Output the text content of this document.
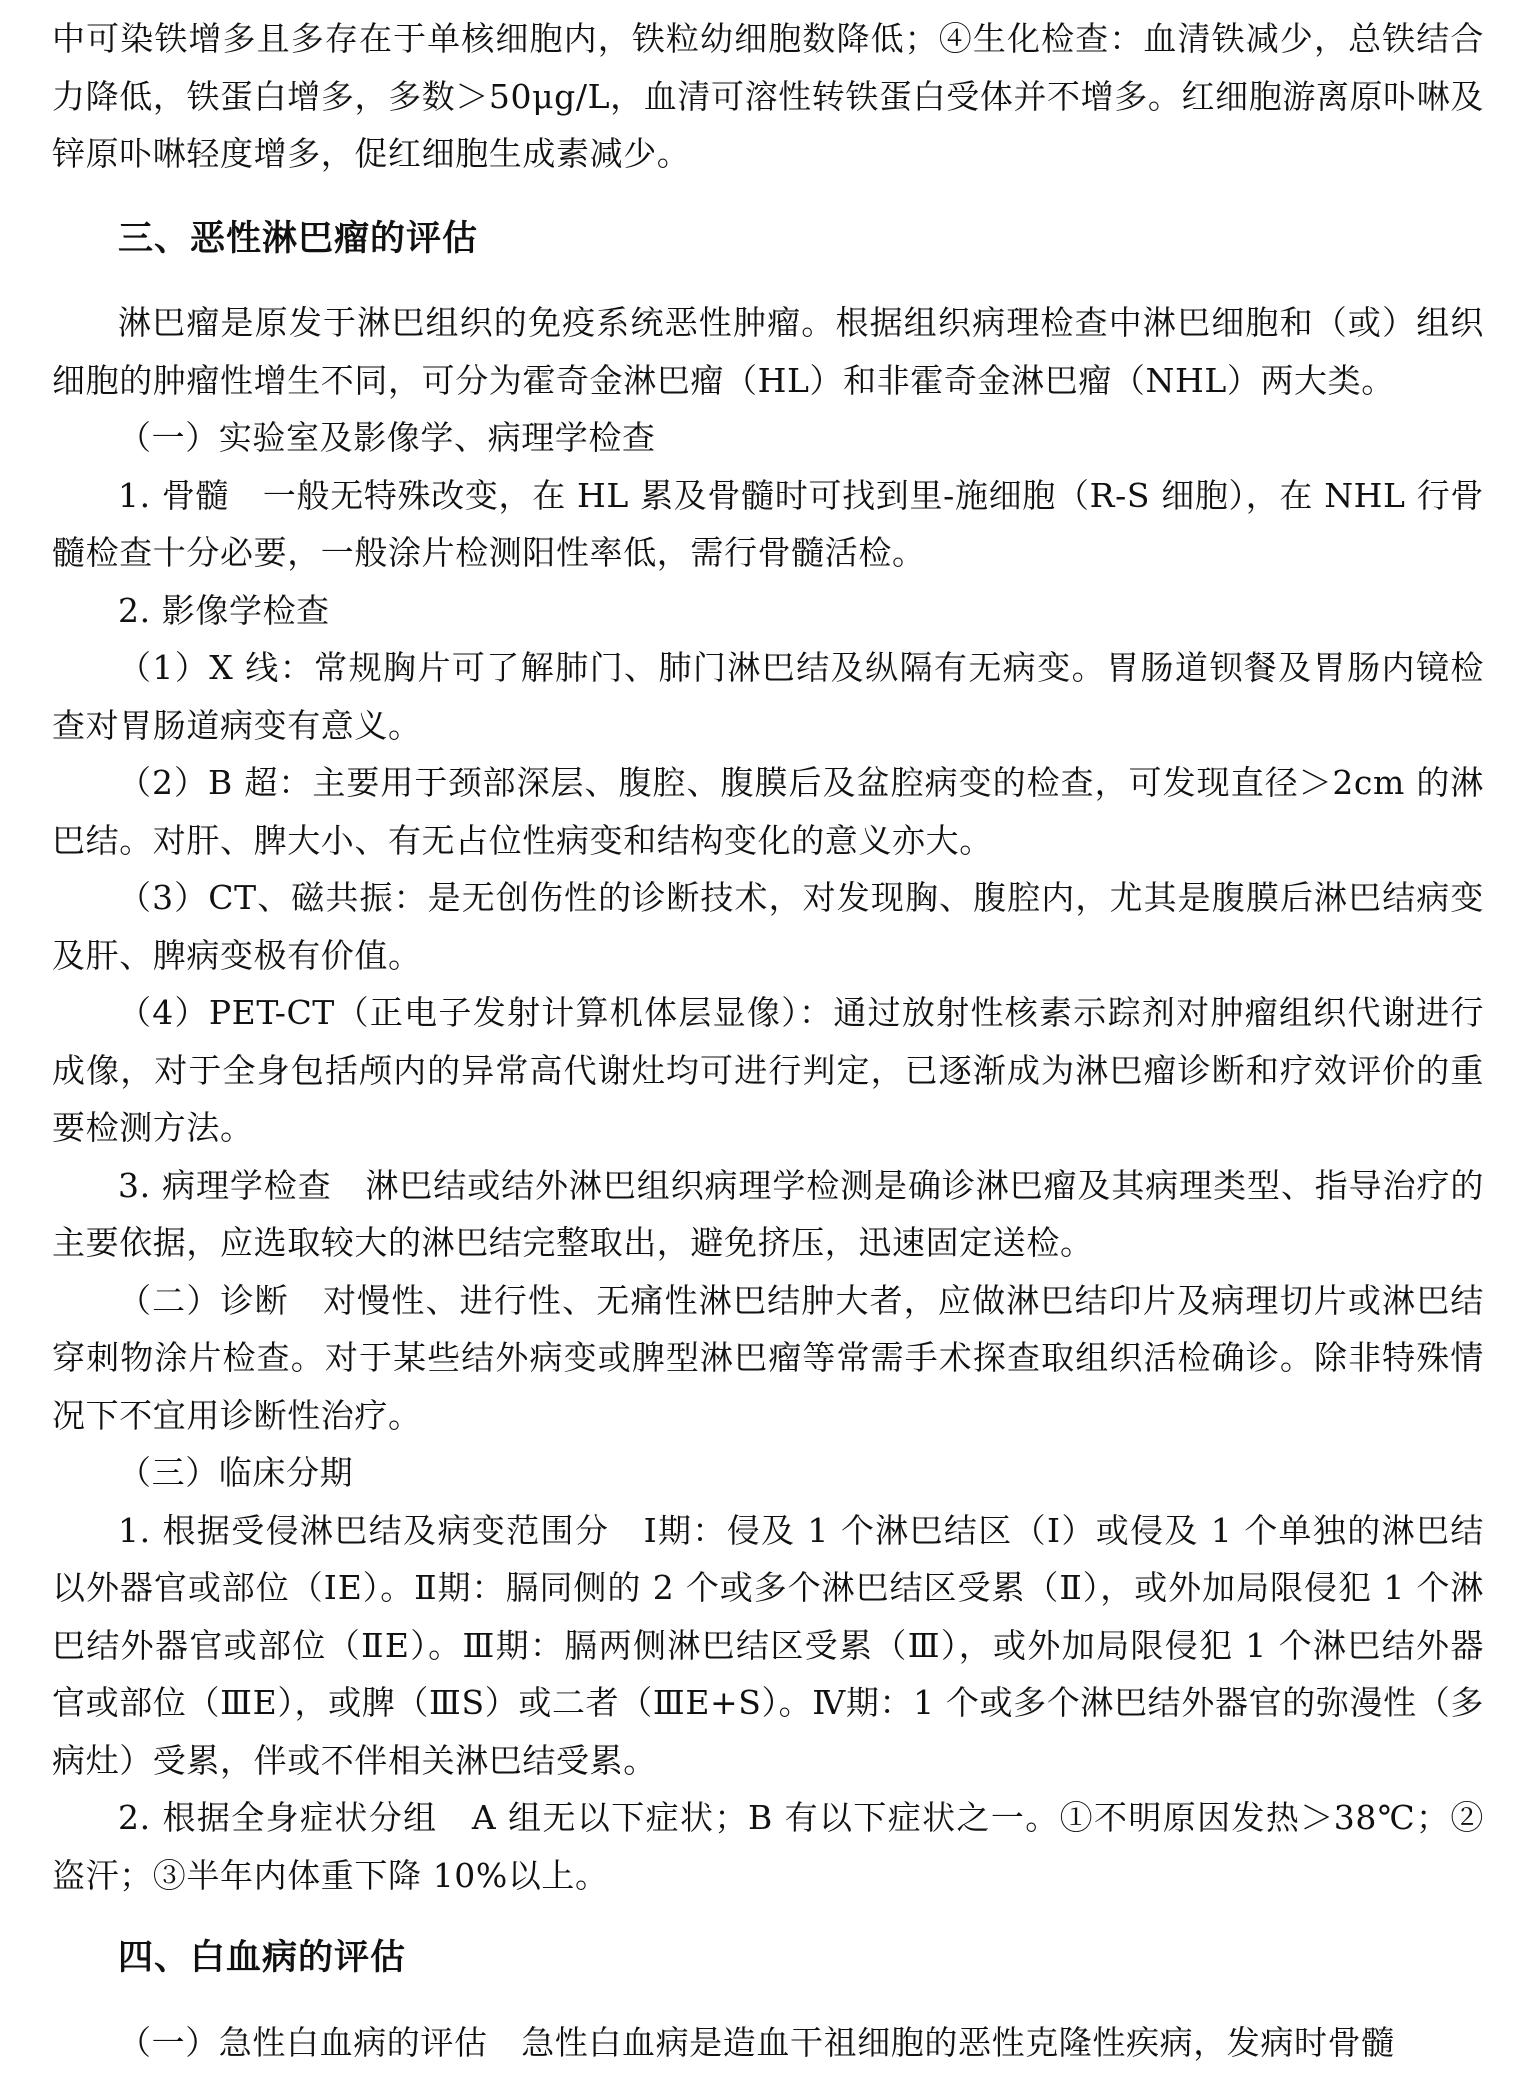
中可染铁增多且多存在于单核细胞内，铁粒幼细胞数降低；④生化检查：血清铁减少，总铁结合力降低，铁蛋白增多，多数＞50μg/L，血清可溶性转铁蛋白受体并不增多。红细胞游离原卟啉及锌原卟啉轻度增多，促红细胞生成素减少。

三、恶性淋巴瘤的评估

淋巴瘤是原发于淋巴组织的免疫系统恶性肿瘤。根据组织病理检查中淋巴细胞和（或）组织细胞的肿瘤性增生不同，可分为霍奇金淋巴瘤（HL）和非霍奇金淋巴瘤（NHL）两大类。

（一）实验室及影像学、病理学检查

1. 骨髓　一般无特殊改变，在 HL 累及骨髓时可找到里-施细胞（R-S 细胞），在 NHL 行骨髓检查十分必要，一般涂片检测阳性率低，需行骨髓活检。

2. 影像学检查

（1）X 线：常规胸片可了解肺门、肺门淋巴结及纵隔有无病变。胃肠道钡餐及胃肠内镜检查对胃肠道病变有意义。

（2）B 超：主要用于颈部深层、腹腔、腹膜后及盆腔病变的检查，可发现直径＞2cm 的淋巴结。对肝、脾大小、有无占位性病变和结构变化的意义亦大。

（3）CT、磁共振：是无创伤性的诊断技术，对发现胸、腹腔内，尤其是腹膜后淋巴结病变及肝、脾病变极有价值。

（4）PET-CT（正电子发射计算机体层显像）：通过放射性核素示踪剂对肿瘤组织代谢进行成像，对于全身包括颅内的异常高代谢灶均可进行判定，已逐渐成为淋巴瘤诊断和疗效评价的重要检测方法。

3. 病理学检查　淋巴结或结外淋巴组织病理学检测是确诊淋巴瘤及其病理类型、指导治疗的主要依据，应选取较大的淋巴结完整取出，避免挤压，迅速固定送检。

（二）诊断　对慢性、进行性、无痛性淋巴结肿大者，应做淋巴结印片及病理切片或淋巴结穿刺物涂片检查。对于某些结外病变或脾型淋巴瘤等常需手术探查取组织活检确诊。除非特殊情况下不宜用诊断性治疗。

（三）临床分期

1. 根据受侵淋巴结及病变范围分　Ⅰ期：侵及 1 个淋巴结区（Ⅰ）或侵及 1 个单独的淋巴结以外器官或部位（ⅠE）。Ⅱ期：膈同侧的 2 个或多个淋巴结区受累（Ⅱ），或外加局限侵犯 1 个淋巴结外器官或部位（ⅡE）。Ⅲ期：膈两侧淋巴结区受累（Ⅲ），或外加局限侵犯 1 个淋巴结外器官或部位（ⅢE），或脾（ⅢS）或二者（ⅢE+S）。Ⅳ期：1 个或多个淋巴结外器官的弥漫性（多病灶）受累，伴或不伴相关淋巴结受累。

2. 根据全身症状分组　A 组无以下症状；B 有以下症状之一。①不明原因发热＞38℃；②盗汗；③半年内体重下降 10%以上。

四、白血病的评估

（一）急性白血病的评估　急性白血病是造血干祖细胞的恶性克隆性疾病，发病时骨髓
